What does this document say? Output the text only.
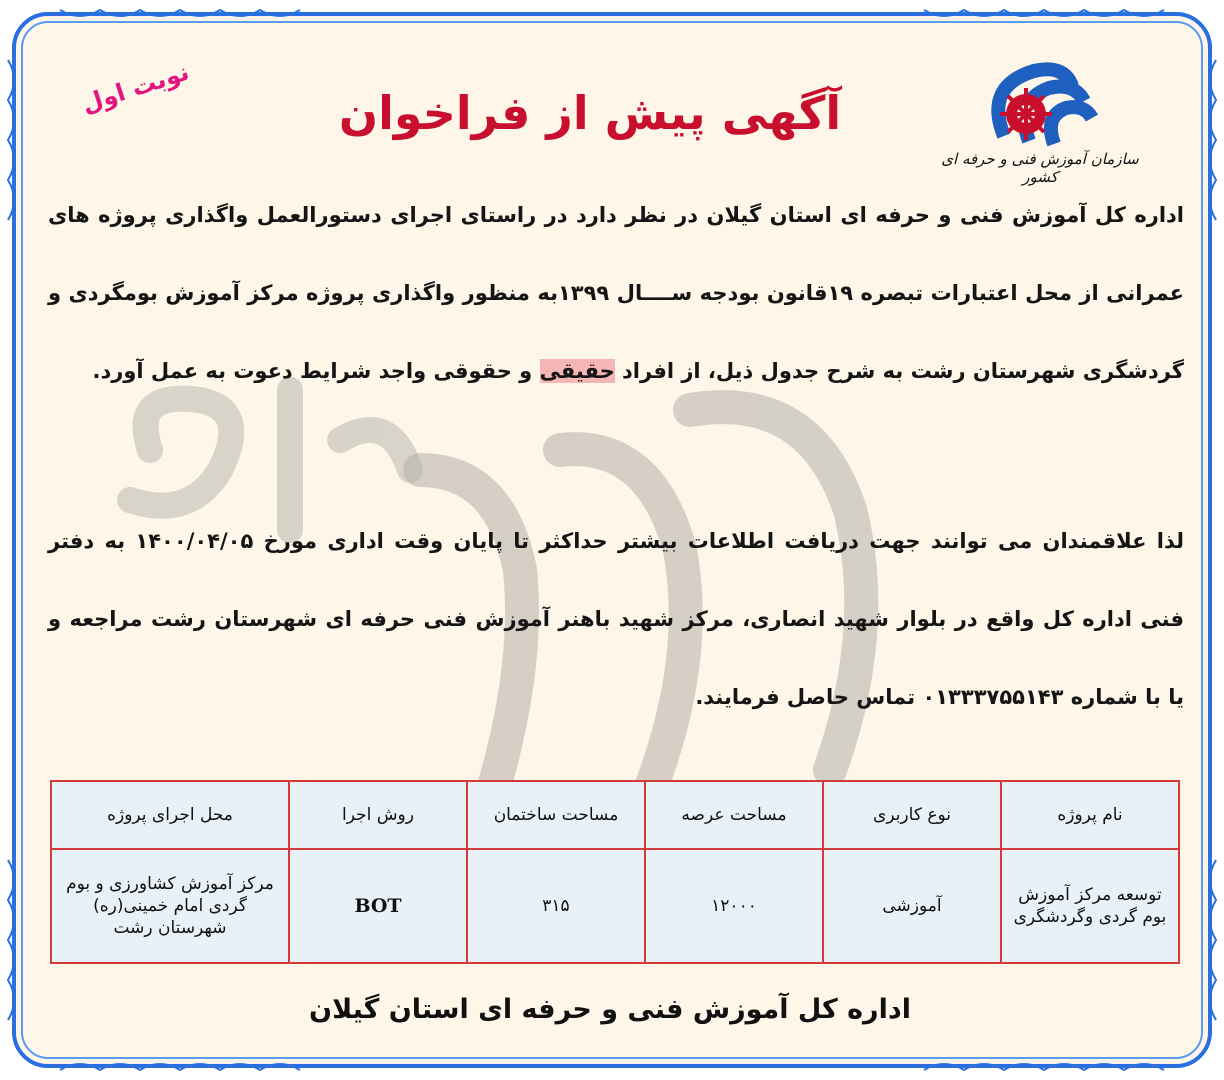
سازمان آموزش فنی و حرفه ای کشور
نوبت اول	آگهی پیش از فراخوان
اداره کل آموزش فنی و حرفه ای استان گیلان در نظر دارد در راستای اجرای دستورالعمل واگذاری پروژه های عمرانی از محل اعتبارات تبصره ۱۹قانون بودجه ســــال ۱۳۹۹به منظور واگذاری پروژه مرکز آموزش بومگردی و گردشگری شهرستان رشت به شرح جدول ذیل، از افراد حقیقی و حقوقی واجد شرایط دعوت به عمل آورد.
لذا علاقمندان می توانند جهت دریافت اطلاعات بیشتر حداکثر تا پایان وقت اداری مورخ ۱۴۰۰/۰۴/۰۵ به دفتر فنی اداره کل واقع در بلوار شهید انصاری، مرکز شهید باهنر آموزش فنی حرفه ای شهرستان رشت مراجعه و یا با شماره ۰۱۳۳۳۷۵۵۱۴۳ تماس حاصل فرمایند.
نام پروژه	نوع کاربری	مساحت عرصه	مساحت ساختمان	روش اجرا	محل اجرای پروژه
توسعه مرکز آموزش بوم گردی وگردشگری	آموزشی	۱۲۰۰۰	۳۱۵	BOT	مرکز آموزش کشاورزی و بوم گردی امام خمینی(ره) شهرستان رشت
اداره کل آموزش فنی و حرفه ای استان گیلان
